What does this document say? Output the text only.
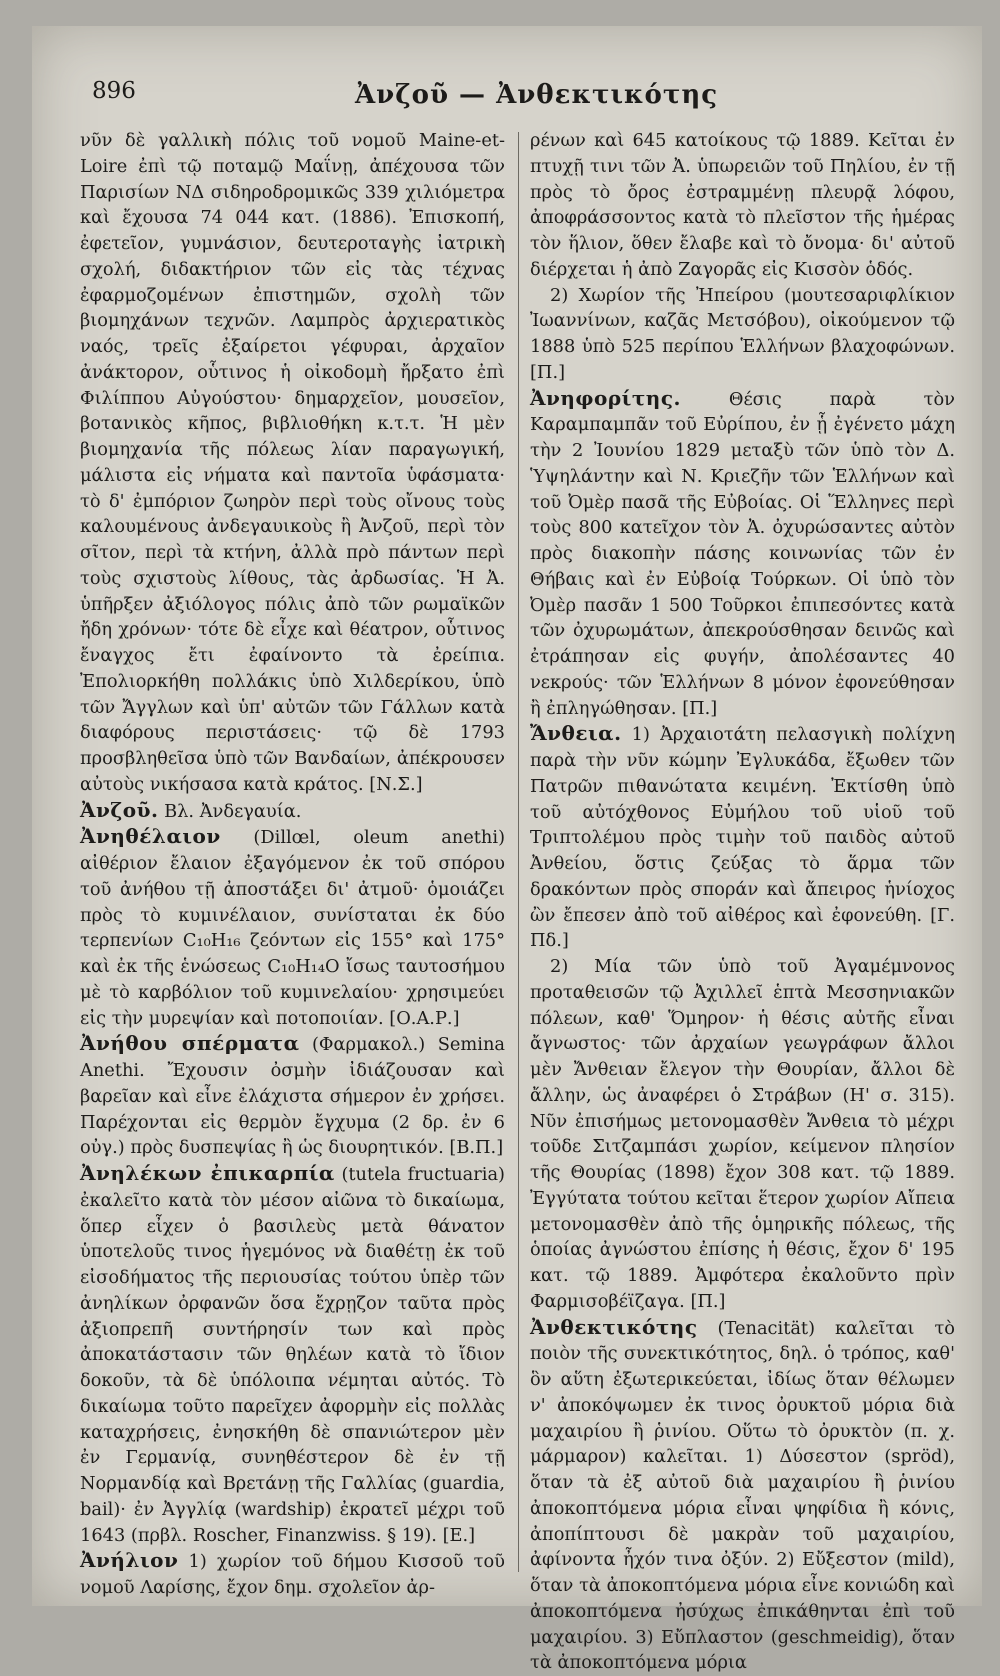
896	Ἀνζοῦ — Ἀνθεκτικότης
νῦν δὲ γαλλικὴ πόλις τοῦ νομοῦ Maine-et-Loire ἐπὶ τῷ ποταμῷ Μαΐνῃ, ἀπέχουσα τῶν Παρισίων ΝΔ σιδηροδρομικῶς 339 χιλιόμετρα καὶ ἔχουσα 74 044 κατ. (1886). Ἐπισκοπή, ἐφετεῖον, γυμνάσιον, δευτεροταγὴς ἰατρικὴ σχολή, διδακτήριον τῶν εἰς τὰς τέχνας ἐφαρμοζομένων ἐπιστημῶν, σχολὴ τῶν βιομηχάνων τεχνῶν. Λαμπρὸς ἀρχιερατικὸς ναός, τρεῖς ἐξαίρετοι γέφυραι, ἀρχαῖον ἀνάκτορον, οὗτινος ἡ οἰκοδομὴ ἤρξατο ἐπὶ Φιλίππου Αὐγούστου· δημαρχεῖον, μουσεῖον, βοτανικὸς κῆπος, βιβλιοθήκη κ.τ.τ. Ἡ μὲν βιομηχανία τῆς πόλεως λίαν παραγωγική, μάλιστα εἰς νήματα καὶ παντοῖα ὑφάσματα· τὸ δ' ἐμπόριον ζωηρὸν περὶ τοὺς οἴνους τοὺς καλουμένους ἀνδεγαυικοὺς ἢ Ἀνζοῦ, περὶ τὸν σῖτον, περὶ τὰ κτήνη, ἀλλὰ πρὸ πάντων περὶ τοὺς σχιστοὺς λίθους, τὰς ἀρδωσίας. Ἡ Ἀ. ὑπῆρξεν ἀξιόλογος πόλις ἀπὸ τῶν ρωμαϊκῶν ἤδη χρόνων· τότε δὲ εἶχε καὶ θέατρον, οὗτινος ἔναγχος ἔτι ἐφαίνοντο τὰ ἐρείπια. Ἐπολιορκήθη πολλάκις ὑπὸ Χιλδερίκου, ὑπὸ τῶν Ἄγγλων καὶ ὑπ' αὐτῶν τῶν Γάλλων κατὰ διαφόρους περιστάσεις· τῷ δὲ 1793 προσβληθεῖσα ὑπὸ τῶν Βανδαίων, ἀπέκρουσεν αὐτοὺς νικήσασα κατὰ κράτος. [Ν.Σ.]
Ἀνζοῦ. Βλ. Ἀνδεγαυία.
Ἀνηθέλαιον (Dillœl, oleum anethi) αἰθέριον ἔλαιον ἐξαγόμενον ἐκ τοῦ σπόρου τοῦ ἀνήθου τῇ ἀποστάξει δι' ἀτμοῦ· ὁμοιάζει πρὸς τὸ κυμινέλαιον, συνίσταται ἐκ δύο τερπενίων C₁₀H₁₆ ζεόντων εἰς 155° καὶ 175° καὶ ἐκ τῆς ἑνώσεως C₁₀H₁₄O ἴσως ταυτοσήμου μὲ τὸ καρβόλιον τοῦ κυμινελαίου· χρησιμεύει εἰς τὴν μυρεψίαν καὶ ποτοποιίαν. [Ο.Α.Ρ.]
Ἀνήθου σπέρματα (Φαρμακολ.) Semina Anethi. Ἔχουσιν ὀσμὴν ἰδιάζουσαν καὶ βαρεῖαν καὶ εἶνε ἐλάχιστα σήμερον ἐν χρήσει. Παρέχονται εἰς θερμὸν ἔγχυμα (2 δρ. ἐν 6 οὐγ.) πρὸς δυσπεψίας ἢ ὡς διουρητικόν. [Β.Π.]
Ἀνηλέκων ἐπικαρπία (tutela fructuaria) ἐκαλεῖτο κατὰ τὸν μέσον αἰῶνα τὸ δικαίωμα, ὅπερ εἶχεν ὁ βασιλεὺς μετὰ θάνατον ὑποτελοῦς τινος ἡγεμόνος νὰ διαθέτῃ ἐκ τοῦ εἰσοδήματος τῆς περιουσίας τούτου ὑπὲρ τῶν ἀνηλίκων ὀρφανῶν ὅσα ἔχρῃζον ταῦτα πρὸς ἀξιοπρεπῆ συντήρησίν των καὶ πρὸς ἀποκατάστασιν τῶν θηλέων κατὰ τὸ ἴδιον δοκοῦν, τὰ δὲ ὑπόλοιπα νέμηται αὐτός. Τὸ δικαίωμα τοῦτο παρεῖχεν ἀφορμὴν εἰς πολλὰς καταχρήσεις, ἐνησκήθη δὲ σπανιώτερον μὲν ἐν Γερμανίᾳ, συνηθέστερον δὲ ἐν τῇ Νορμανδίᾳ καὶ Βρετάνῃ τῆς Γαλλίας (guardia, bail)· ἐν Ἀγγλίᾳ (wardship) ἐκρατεῖ μέχρι τοῦ 1643 (πρβλ. Roscher, Finanzwiss. § 19). [Ε.]
Ἀνήλιον 1) χωρίον τοῦ δήμου Κισσοῦ τοῦ νομοῦ Λαρίσης, ἔχον δημ. σχολεῖον ἀρ-
ρένων καὶ 645 κατοίκους τῷ 1889. Κεῖται ἐν πτυχῇ τινι τῶν Ἀ. ὑπωρειῶν τοῦ Πηλίου, ἐν τῇ πρὸς τὸ ὄρος ἐστραμμένῃ πλευρᾷ λόφου, ἀποφράσσοντος κατὰ τὸ πλεῖστον τῆς ἡμέρας τὸν ἥλιον, ὅθεν ἔλαβε καὶ τὸ ὄνομα· δι' αὐτοῦ διέρχεται ἡ ἀπὸ Ζαγορᾶς εἰς Κισσὸν ὁδός.
2) Χωρίον τῆς Ἠπείρου (μουτεσαριφλίκιον Ἰωαννίνων, καζᾶς Μετσόβου), οἰκούμενον τῷ 1888 ὑπὸ 525 περίπου Ἑλλήνων βλαχοφώνων. [Π.]
Ἀνηφορίτης. Θέσις παρὰ τὸν Καραμπαμπᾶν τοῦ Εὐρίπου, ἐν ᾗ ἐγένετο μάχη τὴν 2 Ἰουνίου 1829 μεταξὺ τῶν ὑπὸ τὸν Δ. Ὑψηλάντην καὶ Ν. Κριεζῆν τῶν Ἑλλήνων καὶ τοῦ Ὀμὲρ πασᾶ τῆς Εὐβοίας. Οἱ Ἕλληνες περὶ τοὺς 800 κατεῖχον τὸν Ἀ. ὀχυρώσαντες αὐτὸν πρὸς διακοπὴν πάσης κοινωνίας τῶν ἐν Θήβαις καὶ ἐν Εὐβοίᾳ Τούρκων. Οἱ ὑπὸ τὸν Ὀμὲρ πασᾶν 1 500 Τοῦρκοι ἐπιπεσόντες κατὰ τῶν ὀχυρωμάτων, ἀπεκρούσθησαν δεινῶς καὶ ἐτράπησαν εἰς φυγήν, ἀπολέσαντες 40 νεκρούς· τῶν Ἑλλήνων 8 μόνον ἐφονεύθησαν ἢ ἐπληγώθησαν. [Π.]
Ἄνθεια. 1) Ἀρχαιοτάτη πελασγικὴ πολίχνη παρὰ τὴν νῦν κώμην Ἐγλυκάδα, ἔξωθεν τῶν Πατρῶν πιθανώτατα κειμένη. Ἐκτίσθη ὑπὸ τοῦ αὐτόχθονος Εὐμήλου τοῦ υἱοῦ τοῦ Τριπτολέμου πρὸς τιμὴν τοῦ παιδὸς αὐτοῦ Ἀνθείου, ὅστις ζεύξας τὸ ἅρμα τῶν δρακόντων πρὸς σποράν καὶ ἄπειρος ἡνίοχος ὢν ἔπεσεν ἀπὸ τοῦ αἰθέρος καὶ ἐφονεύθη. [Γ. Πδ.]
2) Μία τῶν ὑπὸ τοῦ Ἀγαμέμνονος προταθεισῶν τῷ Ἀχιλλεῖ ἑπτὰ Μεσσηνιακῶν πόλεων, καθ' Ὅμηρον· ἡ θέσις αὐτῆς εἶναι ἄγνωστος· τῶν ἀρχαίων γεωγράφων ἄλλοι μὲν Ἄνθειαν ἔλεγον τὴν Θουρίαν, ἄλλοι δὲ ἄλλην, ὡς ἀναφέρει ὁ Στράβων (Η' σ. 315). Νῦν ἐπισήμως μετονομασθὲν Ἄνθεια τὸ μέχρι τοῦδε Σιτζαμπάσι χωρίον, κείμενον πλησίον τῆς Θουρίας (1898) ἔχον 308 κατ. τῷ 1889. Ἐγγύτατα τούτου κεῖται ἕτερον χωρίον Αἴπεια μετονομασθὲν ἀπὸ τῆς ὁμηρικῆς πόλεως, τῆς ὁποίας ἀγνώστου ἐπίσης ἡ θέσις, ἔχον δ' 195 κατ. τῷ 1889. Ἀμφότερα ἐκαλοῦντο πρὶν Φαρμισοβέϊζαγα. [Π.]
Ἀνθεκτικότης (Tenacität) καλεῖται τὸ ποιὸν τῆς συνεκτικότητος, δηλ. ὁ τρόπος, καθ' ὃν αὕτη ἐξωτερικεύεται, ἰδίως ὅταν θέλωμεν ν' ἀποκόψωμεν ἐκ τινος ὀρυκτοῦ μόρια διὰ μαχαιρίου ἢ ῥινίου. Οὕτω τὸ ὀρυκτὸν (π. χ. μάρμαρον) καλεῖται. 1) Δύσεστον (spröd), ὅταν τὰ ἐξ αὐτοῦ διὰ μαχαιρίου ἢ ῥινίου ἀποκοπτόμενα μόρια εἶναι ψηφίδια ἢ κόνις, ἀποπίπτουσι δὲ μακρὰν τοῦ μαχαιρίου, ἀφίνοντα ἦχόν τινα ὀξύν. 2) Εὔξεστον (mild), ὅταν τὰ ἀποκοπτόμενα μόρια εἶνε κονιώδη καὶ ἀποκοπτόμενα ἠσύχως ἐπικάθηνται ἐπὶ τοῦ μαχαιρίου. 3) Εὔπλαστον (geschmeidig), ὅταν τὰ ἀποκοπτόμενα μόρια
